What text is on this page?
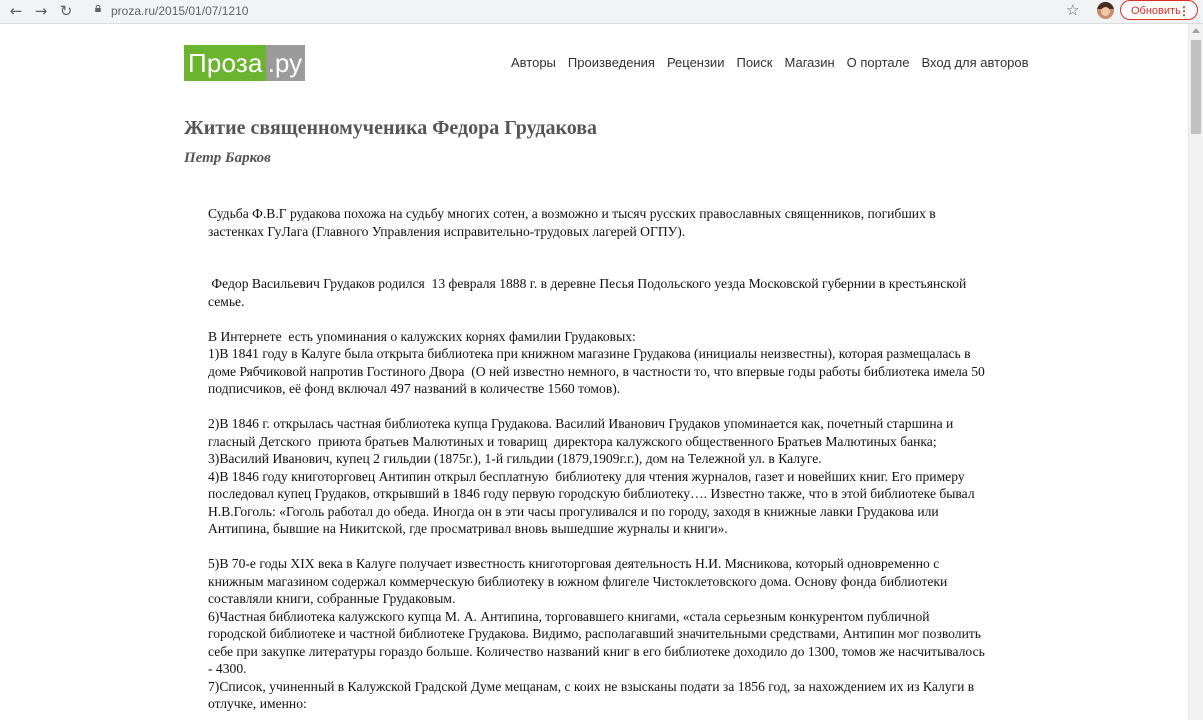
← → ↻	proza.ru/2015/01/07/1210	☆	Обновить
⋮
Проза .ру	Авторы Произведения Рецензии Поиск Магазин О портале Вход для авторов
Житие священномученика Федора Грудакова
Петр Барков

Судьба Ф.В.Г рудакова похожа на судьбу многих сотен, а возможно и тысяч русских православных священников, погибших в застенках ГуЛага (Главного Управления исправительно-трудовых лагерей ОГПУ).

Федор Васильевич Грудаков родился  13 февраля 1888 г. в деревне Песья Подольского уезда Московской губернии в крестьянской семье.

В Интернете  есть упоминания о калужских корнях фамилии Грудаковых:

1)В 1841 году в Калуге была открыта библиотека при книжном магазине Грудакова (инициалы неизвестны), которая размещалась в доме Рябчиковой напротив Гостиного Двора  (О ней известно немного, в частности то, что впервые годы работы библиотека имела 50 подписчиков, её фонд включал 497 названий в количестве 1560 томов).

2)В 1846 г. открылась частная библиотека купца Грудакова. Василий Иванович Грудаков упоминается как, почетный старшина и гласный Детского  приюта братьев Малютиных и товарищ  директора калужского общественного Братьев Малютиных банка;

3)Василий Иванович, купец 2 гильдии (1875г.), 1-й гильдии (1879,1909г.г.), дом на Тележной ул. в Калуге.

4)В 1846 году книготорговец Антипин открыл бесплатную  библиотеку для чтения журналов, газет и новейших книг. Его примеру последовал купец Грудаков, открывший в 1846 году первую городскую библиотеку…. Известно также, что в этой библиотеке бывал Н.В.Гоголь: «Гоголь работал до обеда. Иногда он в эти часы прогуливался и по городу, заходя в книжные лавки Грудакова или Антипина, бывшие на Никитской, где просматривал вновь вышедшие журналы и книги».

5)В 70-е годы XIX века в Калуге получает известность книготорговая деятельность Н.И. Мясникова, который одновременно с книжным магазином содержал коммерческую библиотеку в южном флигеле Чистоклетовского дома. Основу фонда библиотеки составляли книги, собранные Грудаковым.

6)Частная библиотека калужского купца М. А. Антипина, торговавшего книгами, «стала серьезным конкурентом публичной городской библиотеке и частной библиотеке Грудакова. Видимо, располагавший значительными средствами, Антипин мог позволить себе при закупке литературы гораздо больше. Количество названий книг в его библиотеке доходило до 1300, томов же насчитывалось - 4300.

7)Список, учиненный в Калужской Градской Думе мещанам, с коих не взысканы подати за 1856 год, за нахождением их из Калуги в отлучке, именно:
